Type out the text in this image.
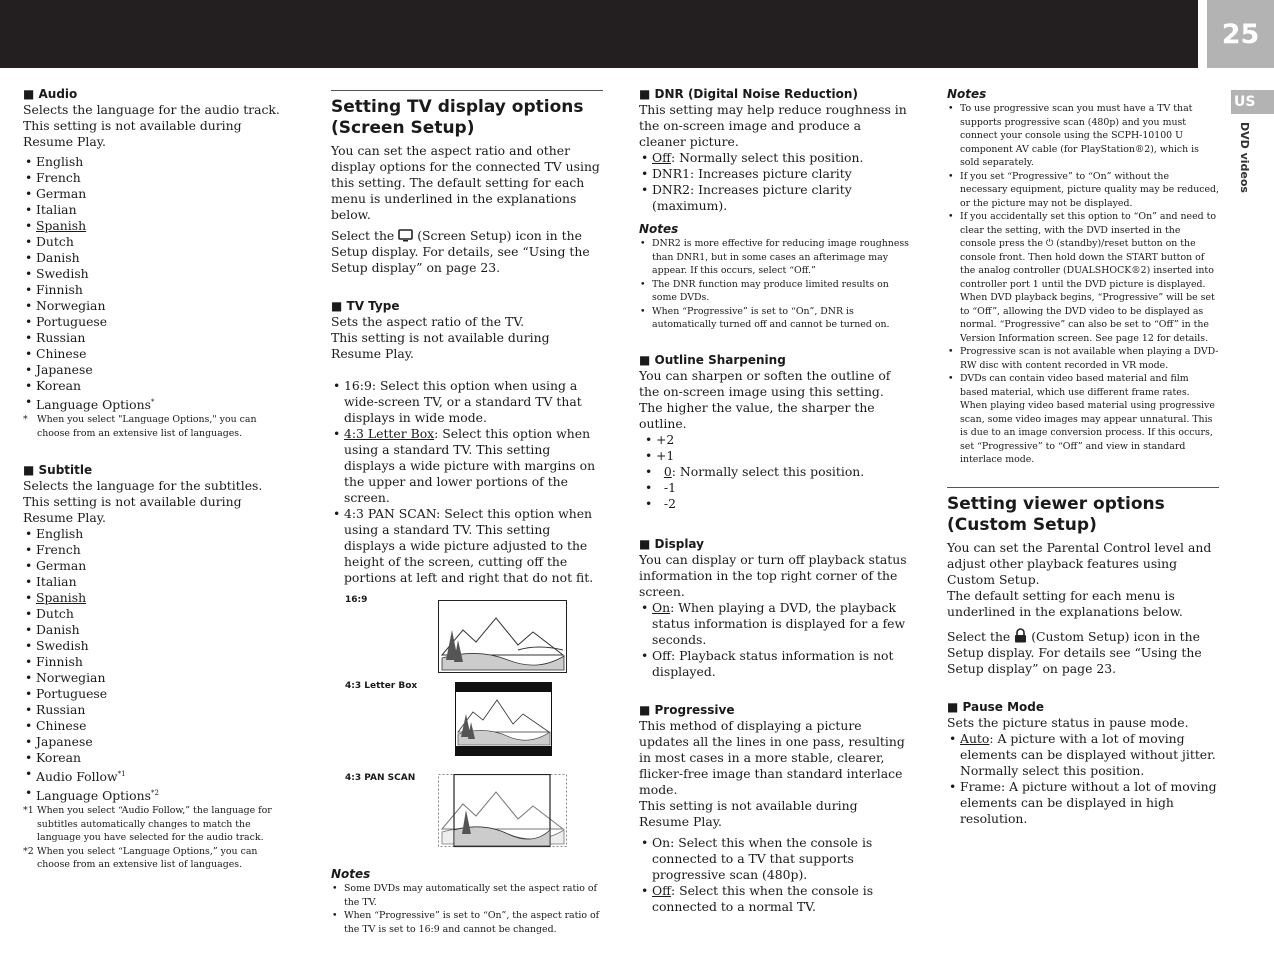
25
US
DVD videos

■ Audio

Selects the language for the audio track.

This setting is not available during Resume Play.

• English
• French
• German
• Italian
• Spanish
• Dutch
• Danish
• Swedish
• Finnish
• Norwegian
• Portuguese
• Russian
• Chinese
• Japanese
• Korean
• Language Options*
* When you select "Language Options," you can choose from an extensive list of languages.

■ Subtitle

Selects the language for the subtitles.

This setting is not available during Resume Play.

• English
• French
• German
• Italian
• Spanish
• Dutch
• Danish
• Swedish
• Finnish
• Norwegian
• Portuguese
• Russian
• Chinese
• Japanese
• Korean
• Audio Follow$^{*1}$
• Language Options$^{*2}$
*1 When you select “Audio Follow,” the language for subtitles automatically changes to match the language you have selected for the audio track.
*2 When you select “Language Options,” you can choose from an extensive list of languages.
Setting TV display options (Screen Setup)

You can set the aspect ratio and other display options for the connected TV using this setting. The default setting for each menu is underlined in the explanations below.

Select the (Screen Setup) icon in the Setup display. For details, see “Using the Setup display” on page 23.

■ TV Type

Sets the aspect ratio of the TV.

This setting is not available during Resume Play.

• 16:9: Select this option when using a wide-screen TV, or a standard TV that displays in wide mode.
• 4:3 Letter Box: Select this option when using a standard TV. This setting displays a wide picture with margins on the upper and lower portions of the screen.
• 4:3 PAN SCAN: Select this option when using a standard TV. This setting displays a wide picture adjusted to the height of the screen, cutting off the portions at left and right that do not fit.
16:9
4:3 Letter Box
4:3 PAN SCAN

Notes

• Some DVDs may automatically set the aspect ratio of the TV.
• When “Progressive” is set to “On”, the aspect ratio of the TV is set to 16:9 and cannot be changed.

■ DNR (Digital Noise Reduction)

This setting may help reduce roughness in the on-screen image and produce a cleaner picture.

• Off: Normally select this position.
• DNR1: Increases picture clarity
• DNR2: Increases picture clarity (maximum).

Notes

• DNR2 is more effective for reducing image roughness than DNR1, but in some cases an afterimage may appear. If this occurs, select “Off.”
• The DNR function may produce limited results on some DVDs.
• When “Progressive” is set to “On”, DNR is automatically turned off and cannot be turned on.

■ Outline Sharpening

You can sharpen or soften the outline of the on-screen image using this setting. The higher the value, the sharper the outline.

• +2
• +1
• 0: Normally select this position.
• -1
• -2

■ Display

You can display or turn off playback status information in the top right corner of the screen.

• On: When playing a DVD, the playback status information is displayed for a few seconds.
• Off: Playback status information is not displayed.

■ Progressive

This method of displaying a picture updates all the lines in one pass, resulting in most cases in a more stable, clearer, flicker-free image than standard interlace mode.

This setting is not available during Resume Play.

• On: Select this when the console is connected to a TV that supports progressive scan (480p).
• Off: Select this when the console is connected to a normal TV.

Notes

• To use progressive scan you must have a TV that supports progressive scan (480p) and you must connect your console using the SCPH-10100 U component AV cable (for PlayStation®2), which is sold separately.
• If you set “Progressive” to “On” without the necessary equipment, picture quality may be reduced, or the picture may not be displayed.
• If you accidentally set this option to “On” and need to clear the setting, with the DVD inserted in the console press the ⏻ (standby)/reset button on the console front. Then hold down the START button of the analog controller (DUALSHOCK®2) inserted into controller port 1 until the DVD picture is displayed. When DVD playback begins, “Progressive” will be set to “Off”, allowing the DVD video to be displayed as normal. “Progressive” can also be set to “Off” in the Version Information screen. See page 12 for details.
• Progressive scan is not available when playing a DVD-RW disc with content recorded in VR mode.
• DVDs can contain video based material and film based material, which use different frame rates. When playing video based material using progressive scan, some video images may appear unnatural. This is due to an image conversion process. If this occurs, set “Progressive” to “Off” and view in standard interlace mode.
Setting viewer options (Custom Setup)

You can set the Parental Control level and adjust other playback features using Custom Setup.

The default setting for each menu is underlined in the explanations below.

Select the (Custom Setup) icon in the Setup display. For details see “Using the Setup display” on page 23.

■ Pause Mode

Sets the picture status in pause mode.

• Auto: A picture with a lot of moving elements can be displayed without jitter. Normally select this position.
• Frame: A picture without a lot of moving elements can be displayed in high resolution.
